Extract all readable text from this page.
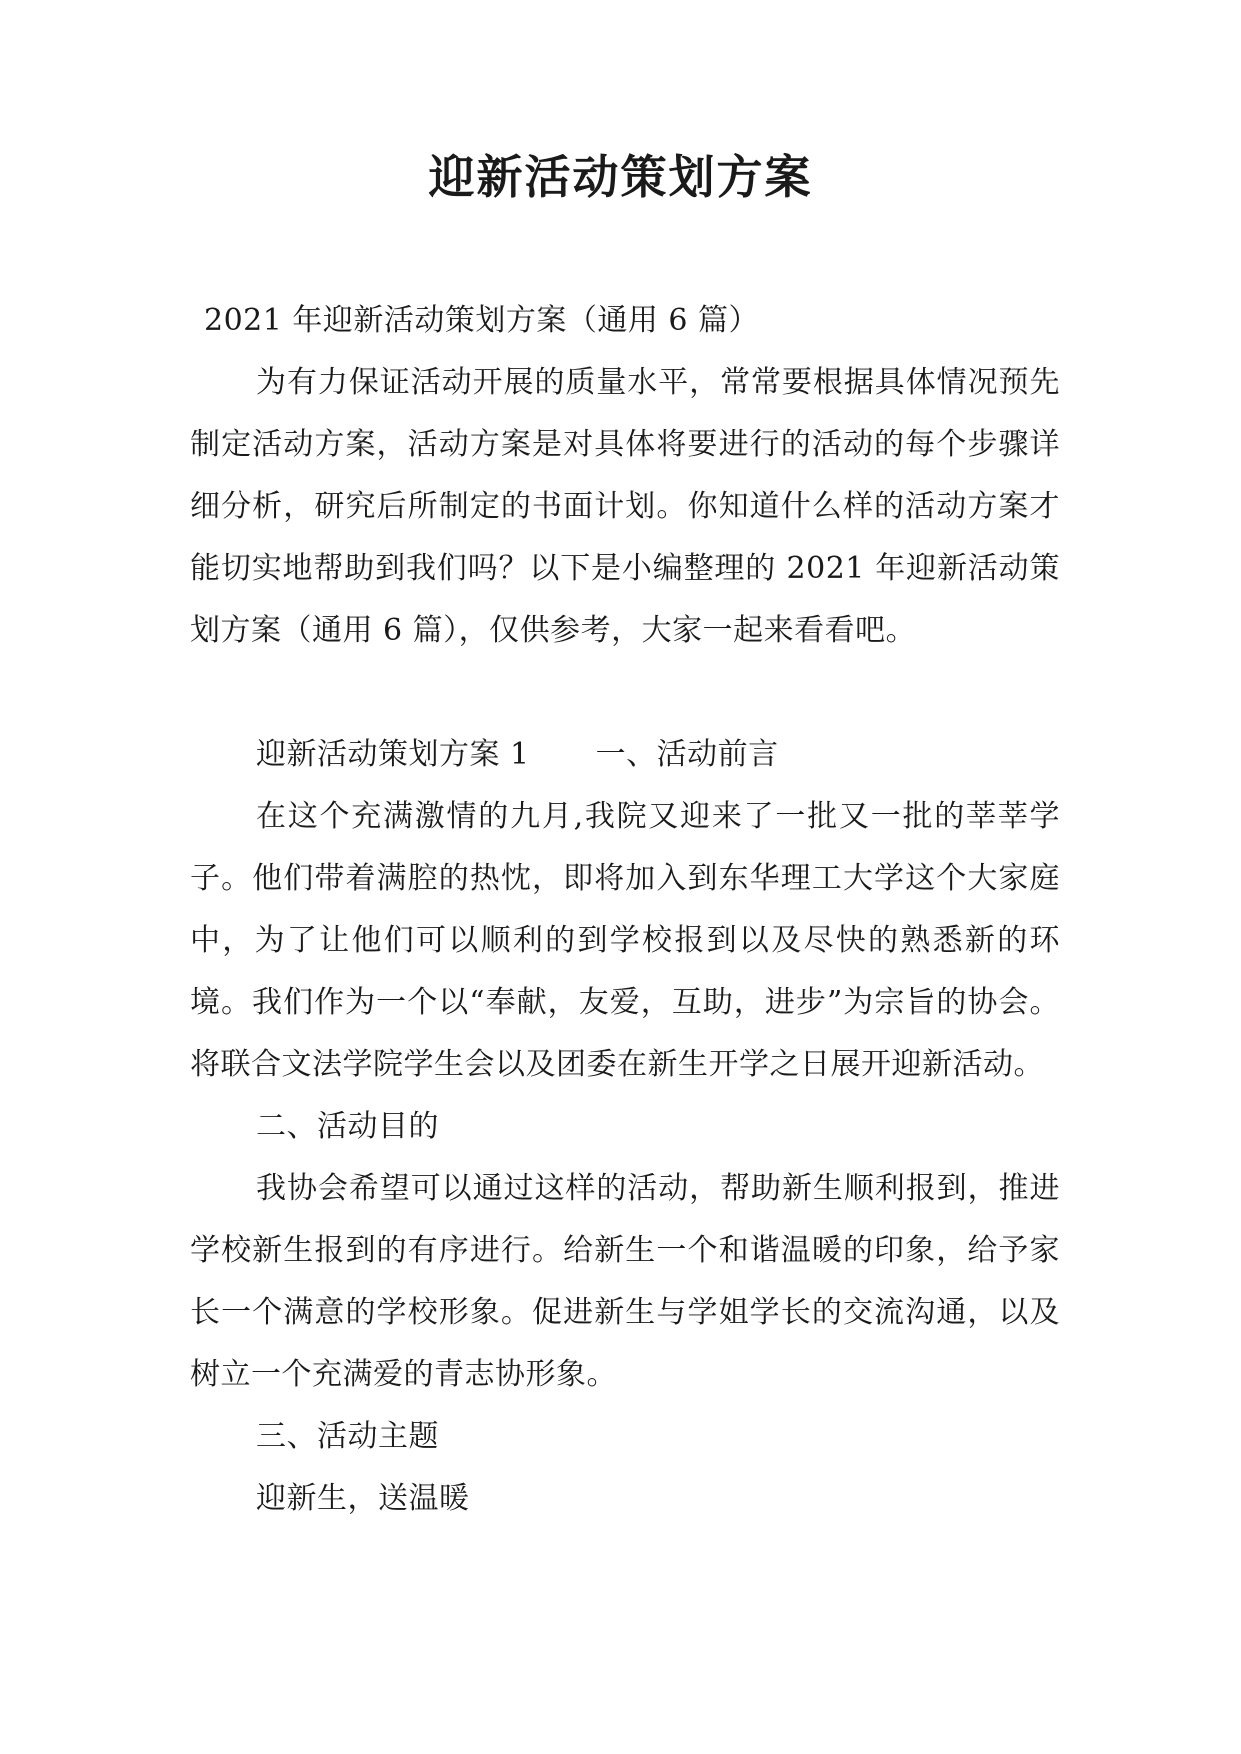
迎新活动策划方案

2021 年迎新活动策划方案（通用 6 篇）

为有力保证活动开展的质量水平，常常要根据具体情况预先制定活动方案，活动方案是对具体将要进行的活动的每个步骤详细分析，研究后所制定的书面计划。你知道什么样的活动方案才能切实地帮助到我们吗？以下是小编整理的 2021 年迎新活动策划方案（通用 6 篇），仅供参考，大家一起来看看吧。

迎新活动策划方案 1 一、活动前言

在这个充满激情的九月,我院又迎来了一批又一批的莘莘学子。他们带着满腔的热忱，即将加入到东华理工大学这个大家庭中，为了让他们可以顺利的到学校报到以及尽快的熟悉新的环境。我们作为一个以“奉献，友爱，互助，进步”为宗旨的协会。将联合文法学院学生会以及团委在新生开学之日展开迎新活动。

二、活动目的

我协会希望可以通过这样的活动，帮助新生顺利报到，推进学校新生报到的有序进行。给新生一个和谐温暖的印象，给予家长一个满意的学校形象。促进新生与学姐学长的交流沟通，以及树立一个充满爱的青志协形象。

三、活动主题

迎新生，送温暖
